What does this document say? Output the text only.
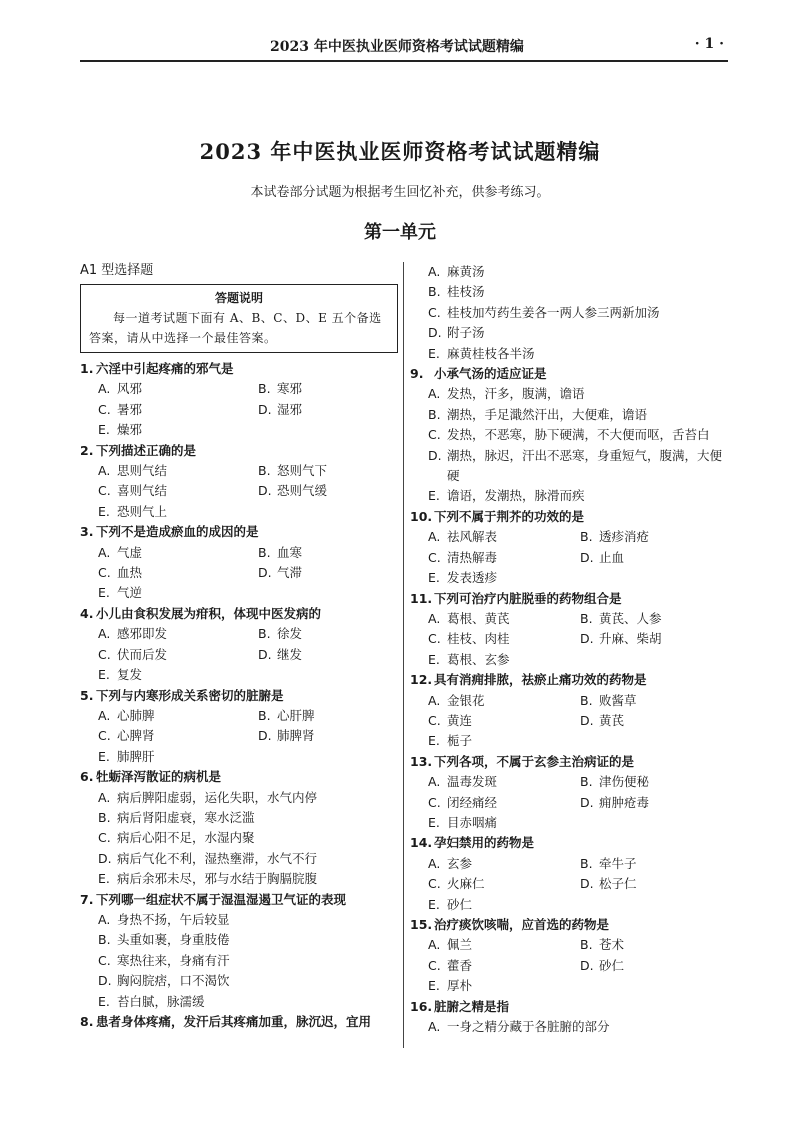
2023 年中医执业医师资格考试试题精编	· 1 ·
2023 年中医执业医师资格考试试题精编
本试卷部分试题为根据考生回忆补充，供参考练习。
第一单元
A1 型选择题
答题说明
每一道考试题下面有 A、B、C、D、E 五个备选答案，请从中选择一个最佳答案。
1. 六淫中引起疼痛的邪气是
A. 风邪	B. 寒邪
C. 暑邪	D. 湿邪
E. 燥邪
2. 下列描述正确的是
A. 思则气结	B. 怒则气下
C. 喜则气结	D. 恐则气缓
E. 恐则气上
3. 下列不是造成瘀血的成因的是
A. 气虚	B. 血寒
C. 血热	D. 气滞
E. 气逆
4. 小儿由食积发展为疳积，体现中医发病的
A. 感邪即发	B. 徐发
C. 伏而后发	D. 继发
E. 复发
5. 下列与内寒形成关系密切的脏腑是
A. 心肺脾	B. 心肝脾
C. 心脾肾	D. 肺脾肾
E. 肺脾肝
6. 牡蛎泽泻散证的病机是
A. 病后脾阳虚弱，运化失职，水气内停
B. 病后肾阳虚衰，寒水泛滥
C. 病后心阳不足，水湿内聚
D. 病后气化不利，湿热壅滞，水气不行
E. 病后余邪未尽，邪与水结于胸膈脘腹
7. 下列哪一组症状不属于湿温湿遏卫气证的表现
A. 身热不扬，午后较显
B. 头重如裹，身重肢倦
C. 寒热往来，身痛有汗
D. 胸闷脘痞，口不渴饮
E. 苔白腻，脉濡缓
8. 患者身体疼痛，发汗后其疼痛加重，脉沉迟，宜用
A. 麻黄汤
B. 桂枝汤
C. 桂枝加芍药生姜各一两人参三两新加汤
D. 附子汤
E. 麻黄桂枝各半汤
9. 小承气汤的适应证是
A. 发热，汗多，腹满，谵语
B. 潮热，手足濈然汗出，大便难，谵语
C. 发热，不恶寒，胁下硬满，不大便而呕，舌苔白
D. 潮热，脉迟，汗出不恶寒，身重短气，腹满，大便硬
E. 谵语，发潮热，脉滑而疾
10. 下列不属于荆芥的功效的是
A. 祛风解表	B. 透疹消疮
C. 清热解毒	D. 止血
E. 发表透疹
11. 下列可治疗内脏脱垂的药物组合是
A. 葛根、黄芪	B. 黄芪、人参
C. 桂枝、肉桂	D. 升麻、柴胡
E. 葛根、玄参
12. 具有消痈排脓，祛瘀止痛功效的药物是
A. 金银花	B. 败酱草
C. 黄连	D. 黄芪
E. 栀子
13. 下列各项，不属于玄参主治病证的是
A. 温毒发斑	B. 津伤便秘
C. 闭经痛经	D. 痈肿疮毒
E. 目赤咽痛
14. 孕妇禁用的药物是
A. 玄参	B. 牵牛子
C. 火麻仁	D. 松子仁
E. 砂仁
15. 治疗痰饮咳喘，应首选的药物是
A. 佩兰	B. 苍术
C. 藿香	D. 砂仁
E. 厚朴
16. 脏腑之精是指
A. 一身之精分藏于各脏腑的部分
